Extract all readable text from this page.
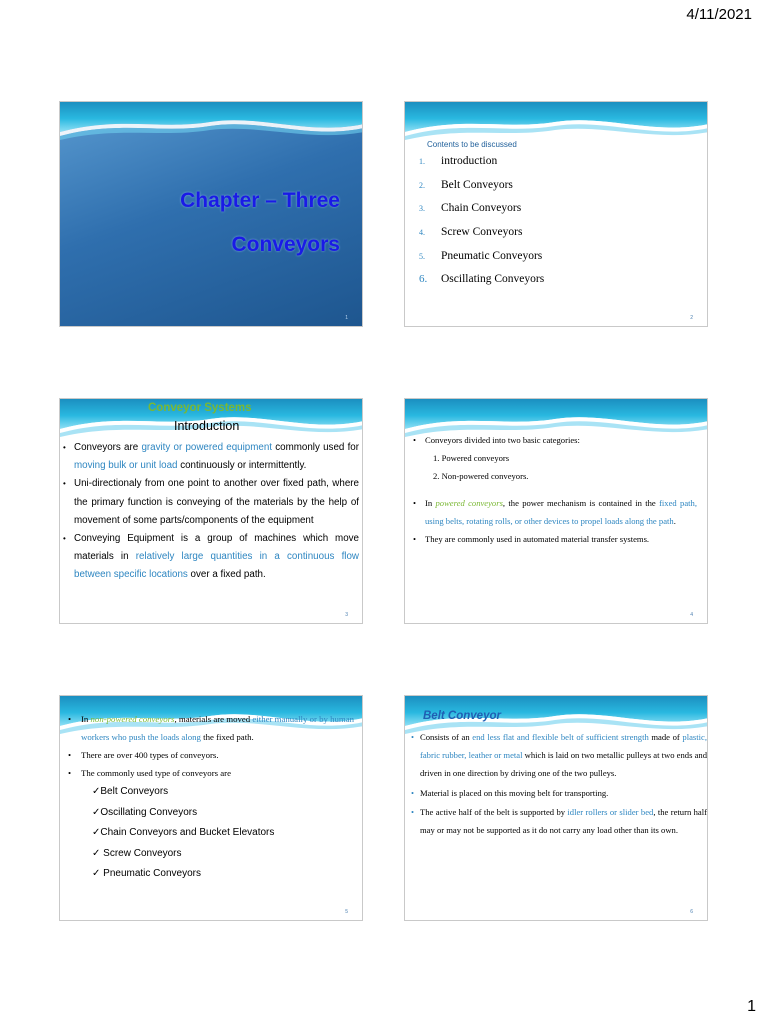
4/11/2021
Chapter – Three
Conveyors
1
Contents to be discussed
1.	introduction
2.	Belt Conveyors
3.	Chain Conveyors
4.	Screw Conveyors
5.	Pneumatic Conveyors
6.	Oscillating Conveyors
2
Conveyor Systems
Introduction
• Conveyors are gravity or powered equipment commonly used for moving bulk or unit load continuously or intermittently.
• Uni-directionaly from one point to another over fixed path, where the primary function is conveying of the materials by the help of movement of some parts/components of the equipment
• Conveying Equipment is a group of machines which move materials in relatively large quantities in a continuous flow between specific locations over a fixed path.
3
• Conveyors divided into two basic categories:
1. Powered conveyors
2. Non-powered conveyors.
• In powered conveyors, the power mechanism is contained in the fixed path, using belts, rotating rolls, or other devices to propel loads along the path.
• They are commonly used in automated material transfer systems.
4
• In non-powered conveyors, materials are moved either manually or by human workers who push the loads along the fixed path.
• There are over 400 types of conveyors.
• The commonly used type of conveyors are
✓Belt Conveyors
✓Oscillating Conveyors
✓Chain Conveyors and Bucket Elevators
✓ Screw Conveyors
✓ Pneumatic Conveyors
5
Belt Conveyor
• Consists of an end less flat and flexible belt of sufficient strength made of plastic, fabric rubber, leather or metal which is laid on two metallic pulleys at two ends and driven in one direction by driving one of the two pulleys.
• Material is placed on this moving belt for transporting.
• The active half of the belt is supported by idler rollers or slider bed, the return half may or may not be supported as it do not carry any load other than its own.
6
1
